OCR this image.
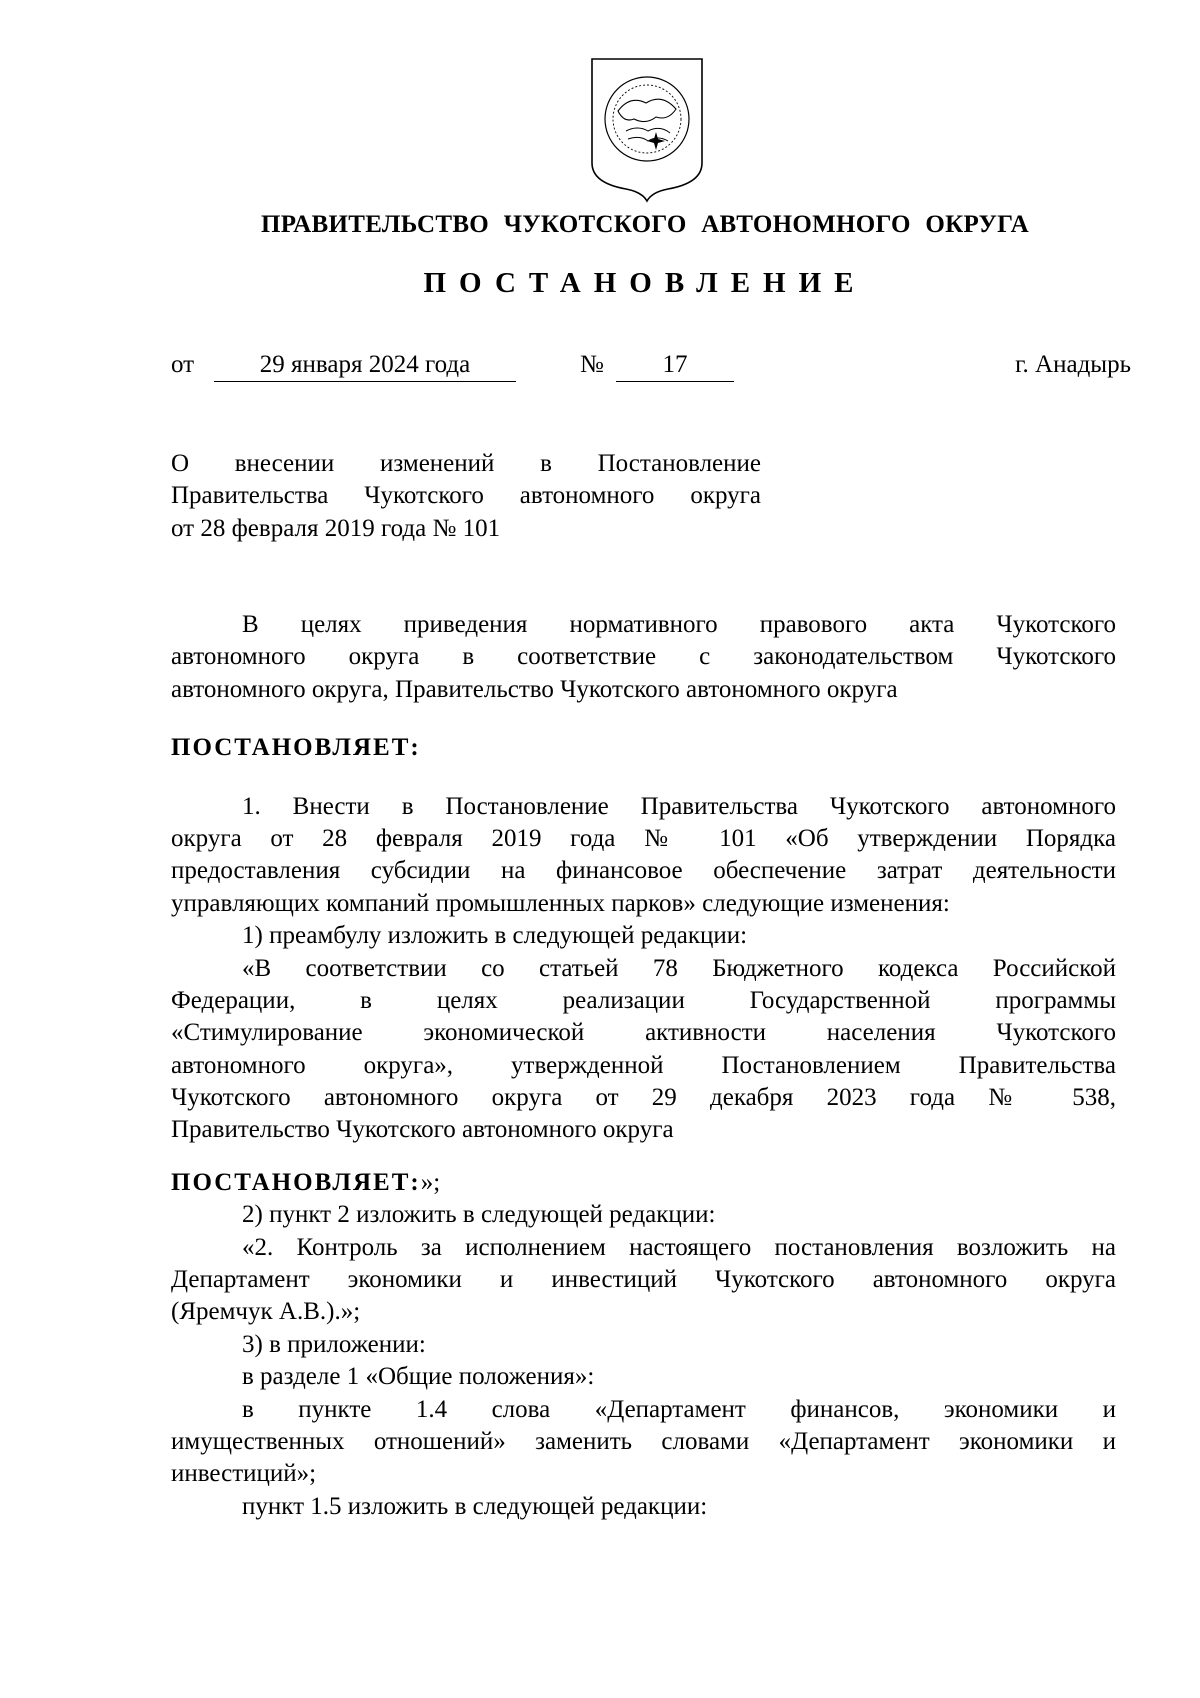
ПРАВИТЕЛЬСТВО ЧУКОТСКОГО АВТОНОМНОГО ОКРУГА
ПОСТАНОВЛЕНИЕ
от	29 января 2024 года	№	17	г. Анадырь
О внесении изменений в Постановление
Правительства Чукотского автономного округа
от 28 февраля 2019 года № 101
В целях приведения нормативного правового акта Чукотского
автономного округа в соответствие с законодательством Чукотского
автономного округа, Правительство Чукотского автономного округа
ПОСТАНОВЛЯЕТ:
1. Внести в Постановление Правительства Чукотского автономного
округа от 28 февраля 2019 года № 101 «Об утверждении Порядка
предоставления субсидии на финансовое обеспечение затрат деятельности
управляющих компаний промышленных парков» следующие изменения:
1) преамбулу изложить в следующей редакции:
«В соответствии со статьей 78 Бюджетного кодекса Российской
Федерации, в целях реализации Государственной программы
«Стимулирование экономической активности населения Чукотского
автономного округа», утвержденной Постановлением Правительства
Чукотского автономного округа от 29 декабря 2023 года № 538,
Правительство Чукотского автономного округа
ПОСТАНОВЛЯЕТ:»;
2) пункт 2 изложить в следующей редакции:
«2. Контроль за исполнением настоящего постановления возложить на
Департамент экономики и инвестиций Чукотского автономного округа
(Яремчук А.В.).»;
3) в приложении:
в разделе 1 «Общие положения»:
в пункте 1.4 слова «Департамент финансов, экономики и
имущественных отношений» заменить словами «Департамент экономики и
инвестиций»;
пункт 1.5 изложить в следующей редакции:
